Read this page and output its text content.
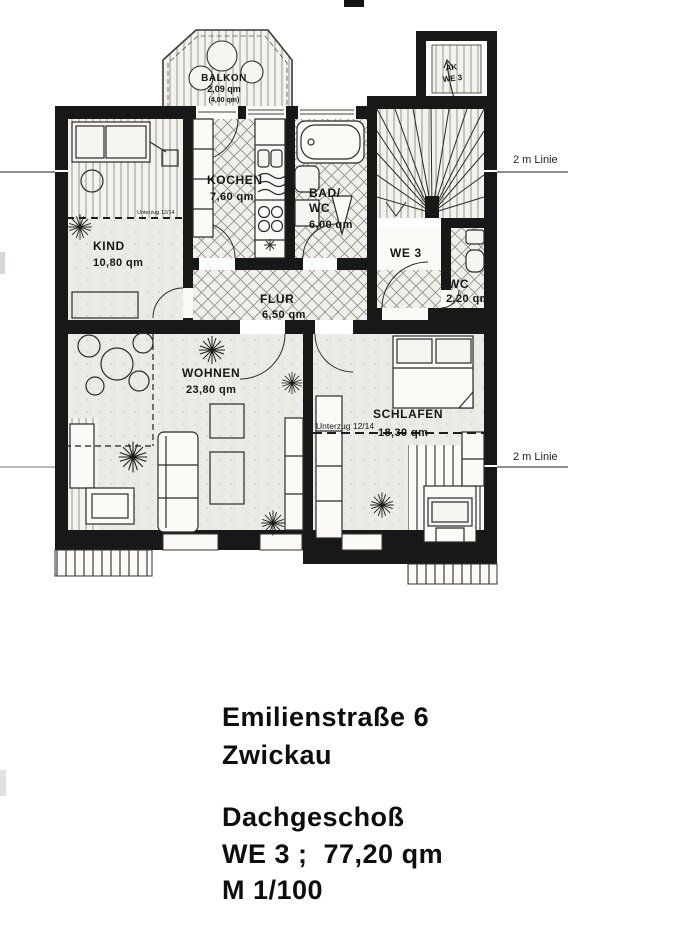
BALKON
2,09 qm
(4,00 qm)
KIND
10,80 qm
KOCHEN
7,60 qm	BAD/
WC
6,00 qm
WE 3
WC
2,20 qm
FLUR
6,50 qm
WOHNEN
23,80 qm
SCHLAFEN
18,30 qm
Unterzug 12/14
Unterzug 12/14
AK
WE 3
2 m Linie
2 m Linie
Emilienstraße 6
Zwickau
Dachgeschoß
WE 3 ;  77,20 qm
M 1/100
